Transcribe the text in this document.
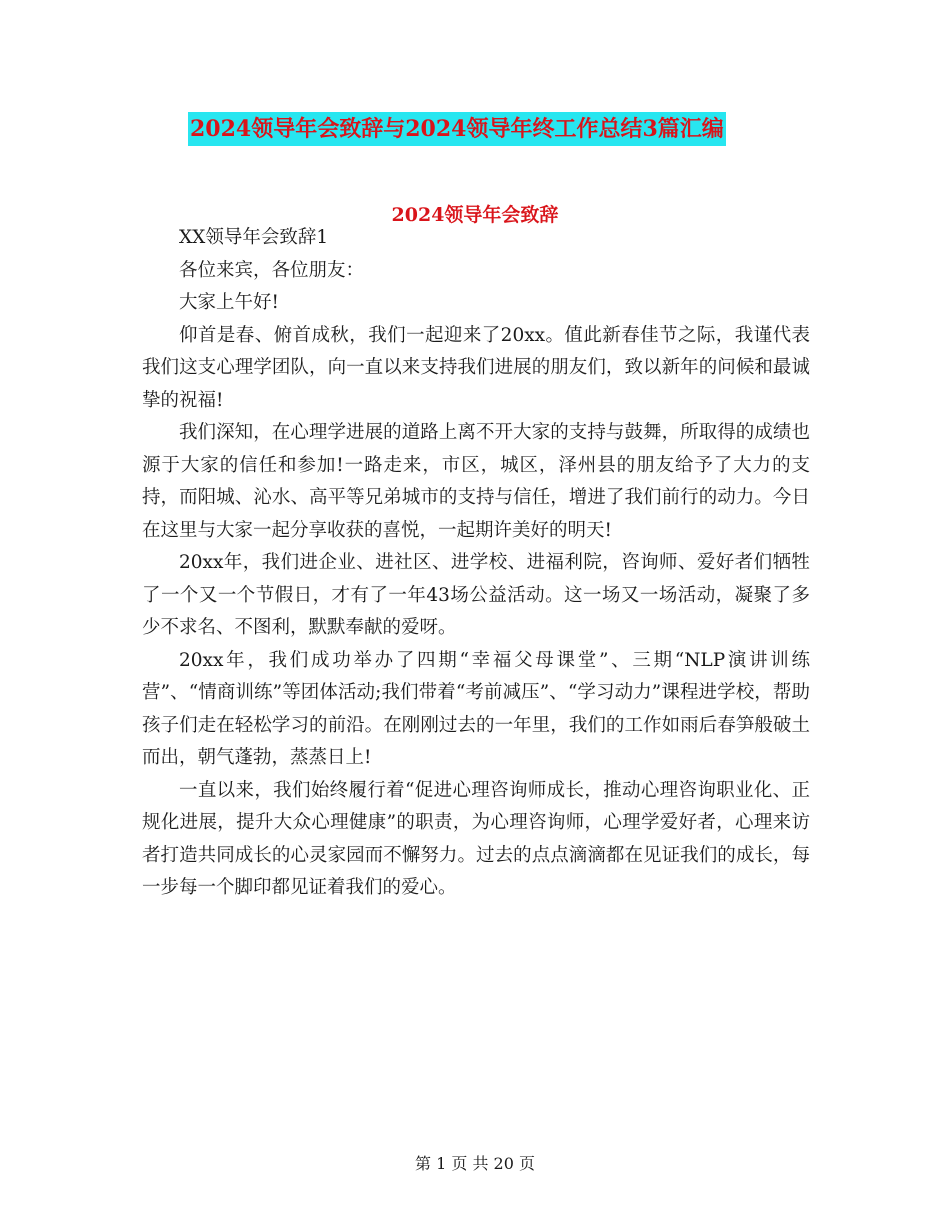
2024领导年会致辞与2024领导年终工作总结3篇汇编
2024领导年会致辞

XX领导年会致辞1

各位来宾，各位朋友：

大家上午好!

仰首是春、俯首成秋，我们一起迎来了20xx。值此新春佳节之际，我谨代表我们这支心理学团队，向一直以来支持我们进展的朋友们，致以新年的问候和最诚挚的祝福!

我们深知，在心理学进展的道路上离不开大家的支持与鼓舞，所取得的成绩也源于大家的信任和参加!一路走来，市区，城区，泽州县的朋友给予了大力的支持，而阳城、沁水、高平等兄弟城市的支持与信任，增进了我们前行的动力。今日在这里与大家一起分享收获的喜悦，一起期许美好的明天!

20xx年，我们进企业、进社区、进学校、进福利院，咨询师、爱好者们牺牲了一个又一个节假日，才有了一年43场公益活动。这一场又一场活动，凝聚了多少不求名、不图利，默默奉献的爱呀。

20xx年，我们成功举办了四期“幸福父母课堂”、三期“NLP演讲训练营”、“情商训练”等团体活动;我们带着“考前减压”、“学习动力”课程进学校，帮助孩子们走在轻松学习的前沿。在刚刚过去的一年里，我们的工作如雨后春笋般破土而出，朝气蓬勃，蒸蒸日上!

一直以来，我们始终履行着“促进心理咨询师成长，推动心理咨询职业化、正规化进展，提升大众心理健康”的职责，为心理咨询师，心理学爱好者，心理来访者打造共同成长的心灵家园而不懈努力。过去的点点滴滴都在见证我们的成长，每一步每一个脚印都见证着我们的爱心。

第 1 页 共 20 页
